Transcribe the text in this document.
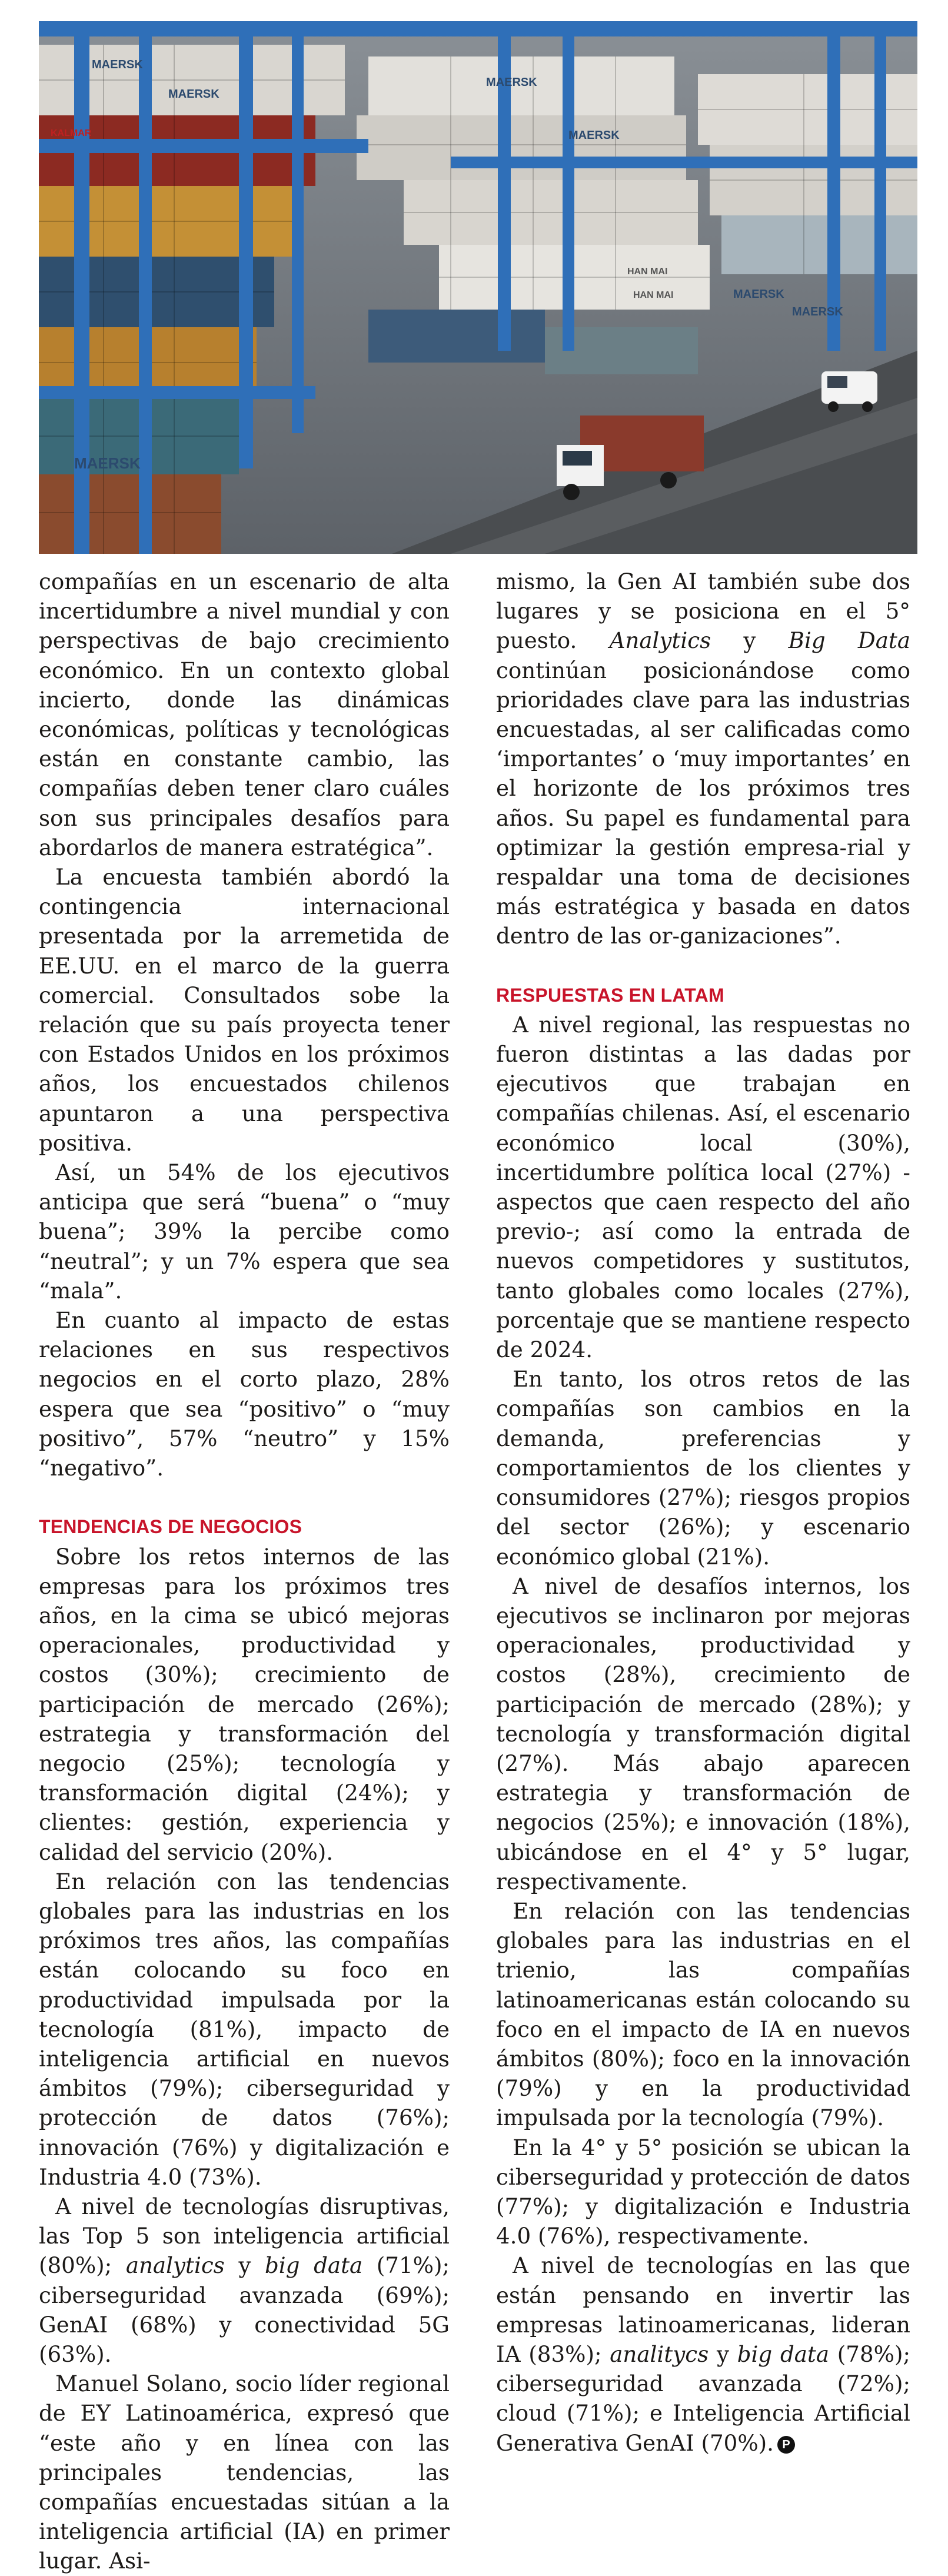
MAERSK
MAERSK
MAERSK
MAERSK
MAERSK
MAERSK
MAERSK
HAN MAI
HAN MAI
KALMAR

compañías en un escenario de alta incertidumbre a nivel mundial y con perspectivas de bajo crecimiento económico. En un contexto global incierto, donde las dinámicas económicas, políticas y tecnológicas están en constante cambio, las compañías deben tener claro cuáles son sus principales desafíos para abordarlos de manera estratégica”.

La encuesta también abordó la contingencia internacional presentada por la arremetida de EE.UU. en el marco de la guerra comercial. Consultados sobe la relación que su país proyecta tener con Estados Unidos en los próximos años, los encuestados chilenos apuntaron a una perspectiva positiva.

Así, un 54% de los ejecutivos anticipa que será “buena” o “muy buena”; 39% la percibe como “neutral”; y un 7% espera que sea “mala”.

En cuanto al impacto de estas relaciones en sus respectivos negocios en el corto plazo, 28% espera que sea “positivo” o “muy positivo”, 57% “neutro” y 15% “negativo”.

TENDENCIAS DE NEGOCIOS

Sobre los retos internos de las empresas para los próximos tres años, en la cima se ubicó mejoras operacionales, productividad y costos (30%); crecimiento de participación de mercado (26%); estrategia y transformación del negocio (25%); tecnología y transformación digital (24%); y clientes: gestión, experiencia y calidad del servicio (20%).

En relación con las tendencias globales para las industrias en los próximos tres años, las compañías están colocando su foco en productividad impulsada por la tecnología (81%), impacto de inteligencia artificial en nuevos ámbitos (79%); ciberseguridad y protección de datos (76%); innovación (76%) y digitalización e Industria 4.0 (73%).

A nivel de tecnologías disruptivas, las Top 5 son inteligencia artificial (80%); analytics y big data (71%); ciberseguridad avanzada (69%); GenAI (68%) y conectividad 5G (63%).

Manuel Solano, socio líder regional de EY Latinoamérica, expresó que “este año y en línea con las principales tendencias, las compañías encuestadas sitúan a la inteligencia artificial (IA) en primer lugar. Asi-

mismo, la Gen AI también sube dos lugares y se posiciona en el 5° puesto. Analytics y Big Data continúan posicionándose como prioridades clave para las industrias encuestadas, al ser calificadas como ‘importantes’ o ‘muy importantes’ en el horizonte de los próximos tres años. Su papel es fundamental para optimizar la gestión empresa-rial y respaldar una toma de decisiones más estratégica y basada en datos dentro de las or-ganizaciones”.

RESPUESTAS EN LATAM

A nivel regional, las respuestas no fueron distintas a las dadas por ejecutivos que trabajan en compañías chilenas. Así, el escenario económico local (30%), incertidumbre política local (27%) - aspectos que caen respecto del año previo-; así como la entrada de nuevos competidores y sustitutos, tanto globales como locales (27%), porcentaje que se mantiene respecto de 2024.

En tanto, los otros retos de las compañías son cambios en la demanda, preferencias y comportamientos de los clientes y consumidores (27%); riesgos propios del sector (26%); y escenario económico global (21%).

A nivel de desafíos internos, los ejecutivos se inclinaron por mejoras operacionales, productividad y costos (28%), crecimiento de participación de mercado (28%); y tecnología y transformación digital (27%). Más abajo aparecen estrategia y transformación de negocios (25%); e innovación (18%), ubicándose en el 4° y 5° lugar, respectivamente.

En relación con las tendencias globales para las industrias en el trienio, las compañías latinoamericanas están colocando su foco en el impacto de IA en nuevos ámbitos (80%); foco en la innovación (79%) y en la productividad impulsada por la tecnología (79%).

En la 4° y 5° posición se ubican la ciberseguridad y protección de datos (77%); y digitalización e Industria 4.0 (76%), respectivamente.

A nivel de tecnologías en las que están pensando en invertir las empresas latinoamericanas, lideran IA (83%); analitycs y big data (78%); ciberseguridad avanzada (72%); cloud (71%); e Inteligencia Artificial Generativa GenAI (70%). P
